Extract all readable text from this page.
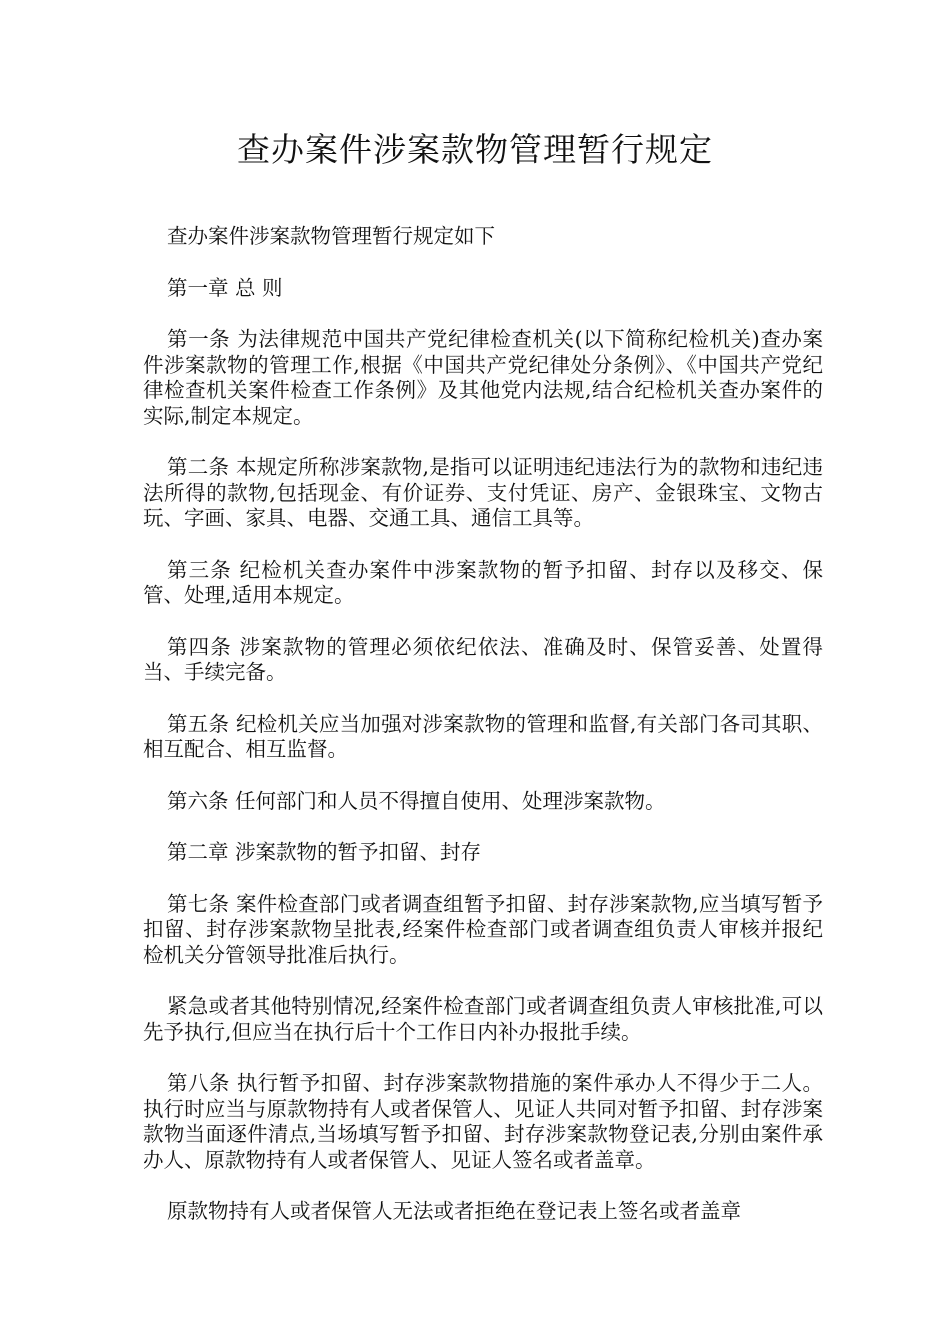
查办案件涉案款物管理暂行规定

查办案件涉案款物管理暂行规定如下

第一章 总 则

第一条 为法律规范中国共产党纪律检查机关(以下简称纪检机关)查办案件涉案款物的管理工作,根据《中国共产党纪律处分条例》、《中国共产党纪律检查机关案件检查工作条例》及其他党内法规,结合纪检机关查办案件的实际,制定本规定。

第二条 本规定所称涉案款物,是指可以证明违纪违法行为的款物和违纪违法所得的款物,包括现金、有价证券、支付凭证、房产、金银珠宝、文物古玩、字画、家具、电器、交通工具、通信工具等。

第三条 纪检机关查办案件中涉案款物的暂予扣留、封存以及移交、保管、处理,适用本规定。

第四条 涉案款物的管理必须依纪依法、准确及时、保管妥善、处置得当、手续完备。

第五条 纪检机关应当加强对涉案款物的管理和监督,有关部门各司其职、相互配合、相互监督。

第六条 任何部门和人员不得擅自使用、处理涉案款物。

第二章 涉案款物的暂予扣留、封存

第七条 案件检查部门或者调查组暂予扣留、封存涉案款物,应当填写暂予扣留、封存涉案款物呈批表,经案件检查部门或者调查组负责人审核并报纪检机关分管领导批准后执行。

紧急或者其他特别情况,经案件检查部门或者调查组负责人审核批准,可以先予执行,但应当在执行后十个工作日内补办报批手续。

第八条 执行暂予扣留、封存涉案款物措施的案件承办人不得少于二人。执行时应当与原款物持有人或者保管人、见证人共同对暂予扣留、封存涉案款物当面逐件清点,当场填写暂予扣留、封存涉案款物登记表,分别由案件承办人、原款物持有人或者保管人、见证人签名或者盖章。

原款物持有人或者保管人无法或者拒绝在登记表上签名或者盖章
